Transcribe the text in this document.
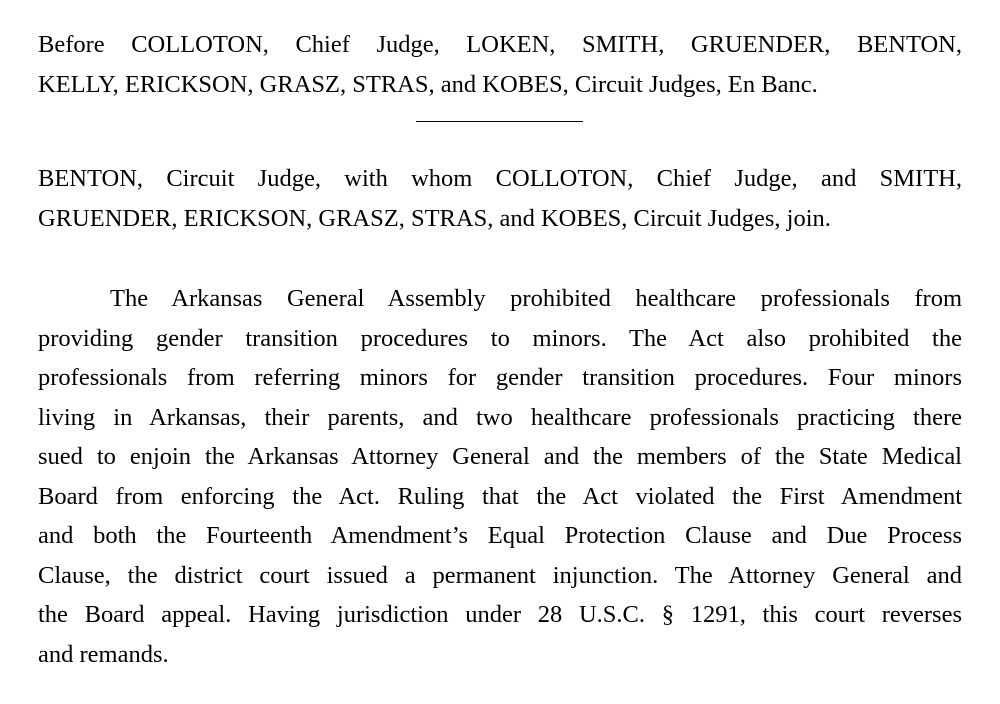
Before COLLOTON, Chief Judge, LOKEN, SMITH, GRUENDER, BENTON,
KELLY, ERICKSON, GRASZ, STRAS, and KOBES, Circuit Judges, En Banc.
BENTON, Circuit Judge, with whom COLLOTON, Chief Judge, and SMITH,
GRUENDER, ERICKSON, GRASZ, STRAS, and KOBES, Circuit Judges, join.
The Arkansas General Assembly prohibited healthcare professionals from
providing gender transition procedures to minors. The Act also prohibited the
professionals from referring minors for gender transition procedures. Four minors
living in Arkansas, their parents, and two healthcare professionals practicing there
sued to enjoin the Arkansas Attorney General and the members of the State Medical
Board from enforcing the Act. Ruling that the Act violated the First Amendment
and both the Fourteenth Amendment’s Equal Protection Clause and Due Process
Clause, the district court issued a permanent injunction. The Attorney General and
the Board appeal. Having jurisdiction under 28 U.S.C. § 1291, this court reverses
and remands.
